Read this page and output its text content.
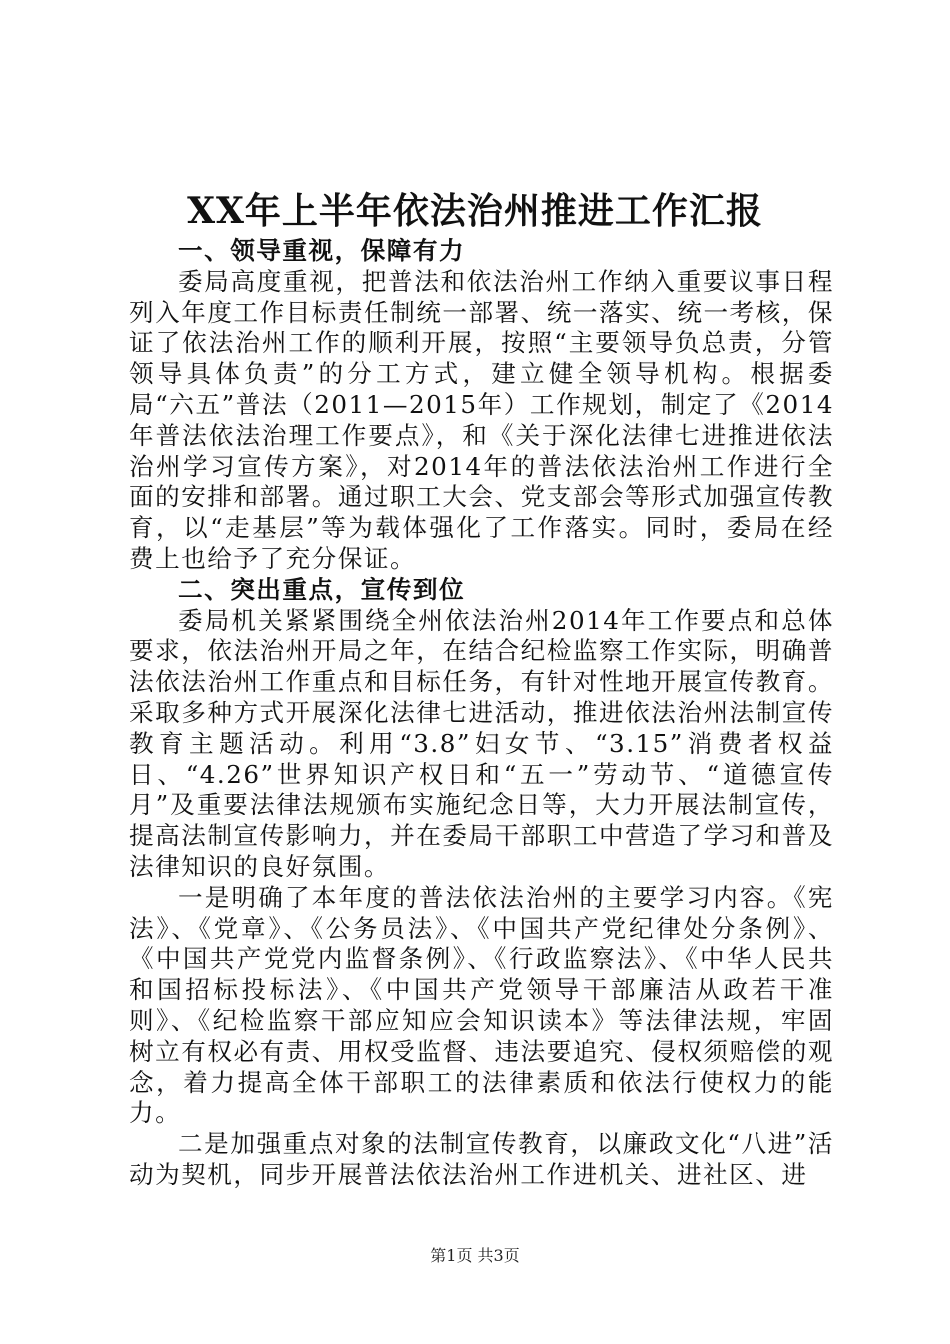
XX年上半年依法治州推进工作汇报

一、领导重视，保障有力

委局高度重视，把普法和依法治州工作纳入重要议事日程列入年度工作目标责任制统一部署、统一落实、统一考核，保证了依法治州工作的顺利开展，按照“主要领导负总责，分管领导具体负责”的分工方式，建立健全领导机构。根据委局“六五”普法（2011—2015年）工作规划，制定了《2014年普法依法治理工作要点》，和《关于深化法律七进推进依法治州学习宣传方案》，对2014年的普法依法治州工作进行全面的安排和部署。通过职工大会、党支部会等形式加强宣传教育，以“走基层”等为载体强化了工作落实。同时，委局在经费上也给予了充分保证。

二、突出重点，宣传到位

委局机关紧紧围绕全州依法治州2014年工作要点和总体要求，依法治州开局之年，在结合纪检监察工作实际，明确普法依法治州工作重点和目标任务，有针对性地开展宣传教育。采取多种方式开展深化法律七进活动，推进依法治州法制宣传教育主题活动。利用“3.8”妇女节、“3.15”消费者权益日、“4.26”世界知识产权日和“五一”劳动节、“道德宣传月”及重要法律法规颁布实施纪念日等，大力开展法制宣传，提高法制宣传影响力，并在委局干部职工中营造了学习和普及法律知识的良好氛围。

一是明确了本年度的普法依法治州的主要学习内容。《宪法》、《党章》、《公务员法》、《中国共产党纪律处分条例》、《中国共产党党内监督条例》、《行政监察法》、《中华人民共和国招标投标法》、《中国共产党领导干部廉洁从政若干准则》、《纪检监察干部应知应会知识读本》等法律法规，牢固树立有权必有责、用权受监督、违法要追究、侵权须赔偿的观念，着力提高全体干部职工的法律素质和依法行使权力的能力。

二是加强重点对象的法制宣传教育，以廉政文化“八进”活动为契机，同步开展普法依法治州工作进机关、进社区、进

第1页 共3页
